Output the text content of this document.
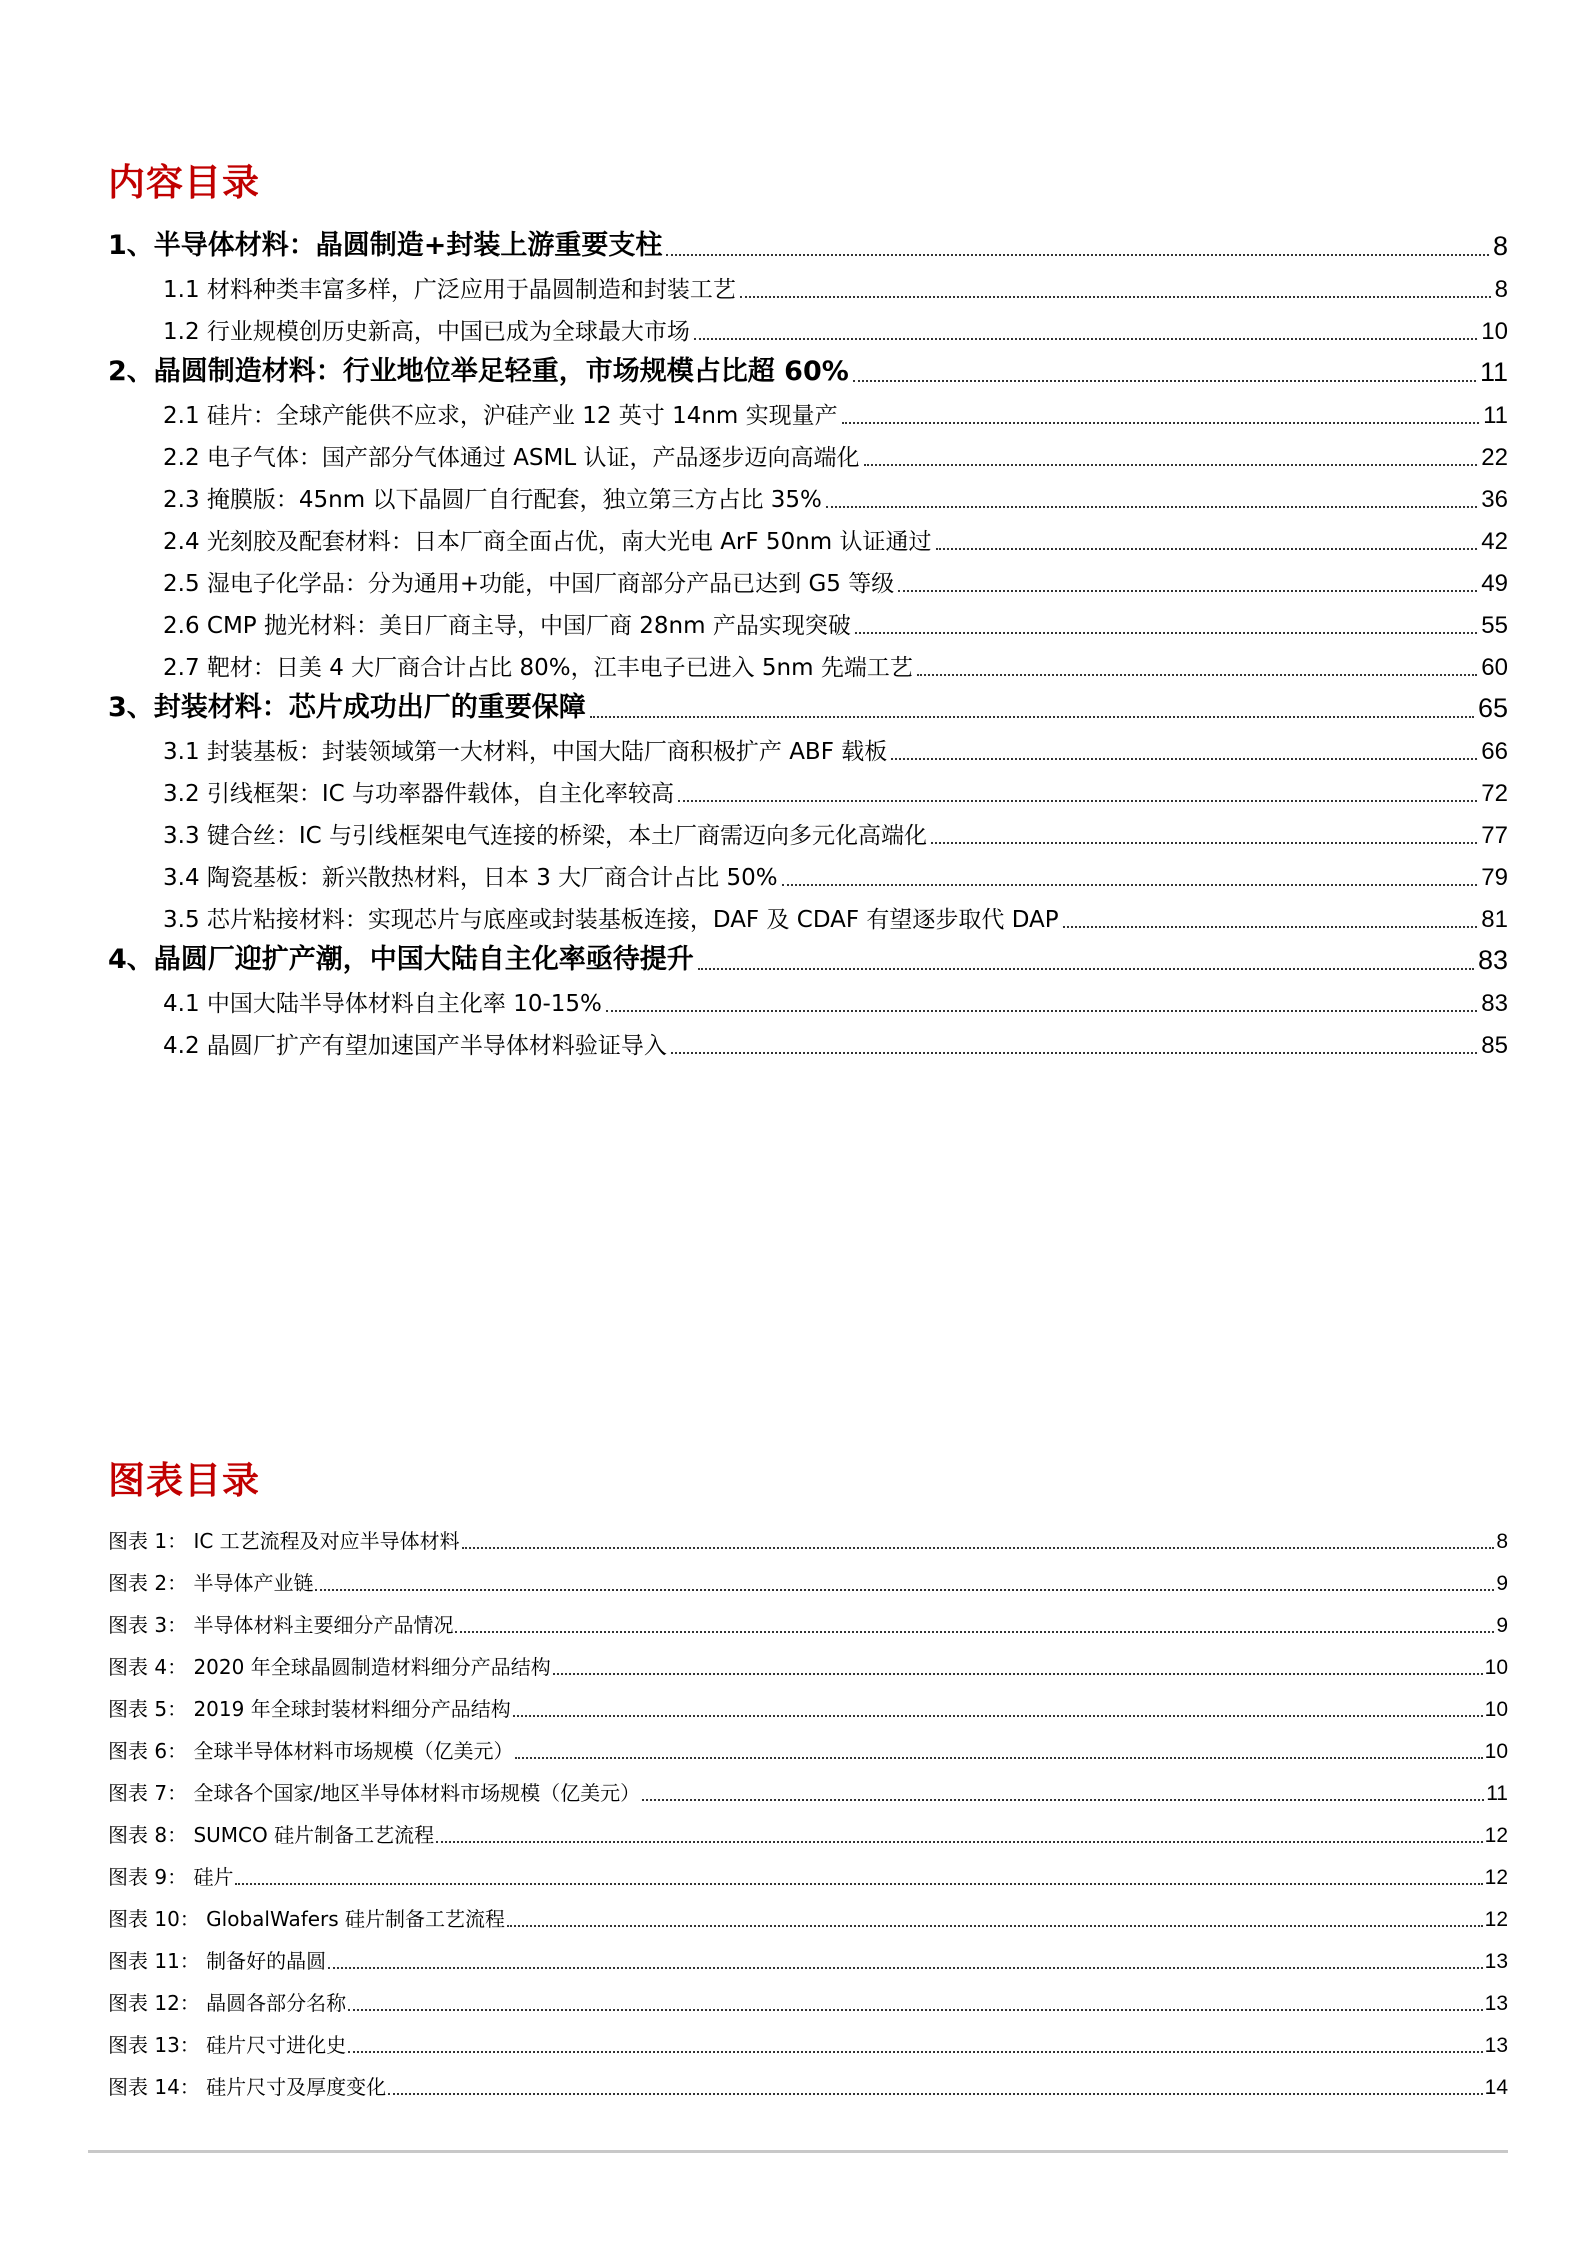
内容目录
1、半导体材料：晶圆制造+封装上游重要支柱	8
1.1 材料种类丰富多样，广泛应用于晶圆制造和封装工艺	8
1.2 行业规模创历史新高，中国已成为全球最大市场	10
2、晶圆制造材料：行业地位举足轻重，市场规模占比超 60%	11
2.1 硅片：全球产能供不应求，沪硅产业 12 英寸 14nm 实现量产	11
2.2 电子气体：国产部分气体通过 ASML 认证，产品逐步迈向高端化	22
2.3 掩膜版：45nm 以下晶圆厂自行配套，独立第三方占比 35%	36
2.4 光刻胶及配套材料：日本厂商全面占优，南大光电 ArF 50nm 认证通过	42
2.5 湿电子化学品：分为通用+功能，中国厂商部分产品已达到 G5 等级	49
2.6 CMP 抛光材料：美日厂商主导，中国厂商 28nm 产品实现突破	55
2.7 靶材：日美 4 大厂商合计占比 80%，江丰电子已进入 5nm 先端工艺	60
3、封装材料：芯片成功出厂的重要保障	65
3.1 封装基板：封装领域第一大材料，中国大陆厂商积极扩产 ABF 载板	66
3.2 引线框架：IC 与功率器件载体，自主化率较高	72
3.3 键合丝：IC 与引线框架电气连接的桥梁，本土厂商需迈向多元化高端化	77
3.4 陶瓷基板：新兴散热材料，日本 3 大厂商合计占比 50%	79
3.5 芯片粘接材料：实现芯片与底座或封装基板连接，DAF 及 CDAF 有望逐步取代 DAP	81
4、晶圆厂迎扩产潮，中国大陆自主化率亟待提升	83
4.1 中国大陆半导体材料自主化率 10-15%	83
4.2 晶圆厂扩产有望加速国产半导体材料验证导入	85
图表目录
图表 1： IC 工艺流程及对应半导体材料	8
图表 2： 半导体产业链	9
图表 3： 半导体材料主要细分产品情况	9
图表 4： 2020 年全球晶圆制造材料细分产品结构	10
图表 5： 2019 年全球封装材料细分产品结构	10
图表 6： 全球半导体材料市场规模（亿美元）	10
图表 7： 全球各个国家/地区半导体材料市场规模（亿美元）	11
图表 8： SUMCO 硅片制备工艺流程	12
图表 9： 硅片	12
图表 10： GlobalWafers 硅片制备工艺流程	12
图表 11： 制备好的晶圆	13
图表 12： 晶圆各部分名称	13
图表 13： 硅片尺寸进化史	13
图表 14： 硅片尺寸及厚度变化	14
